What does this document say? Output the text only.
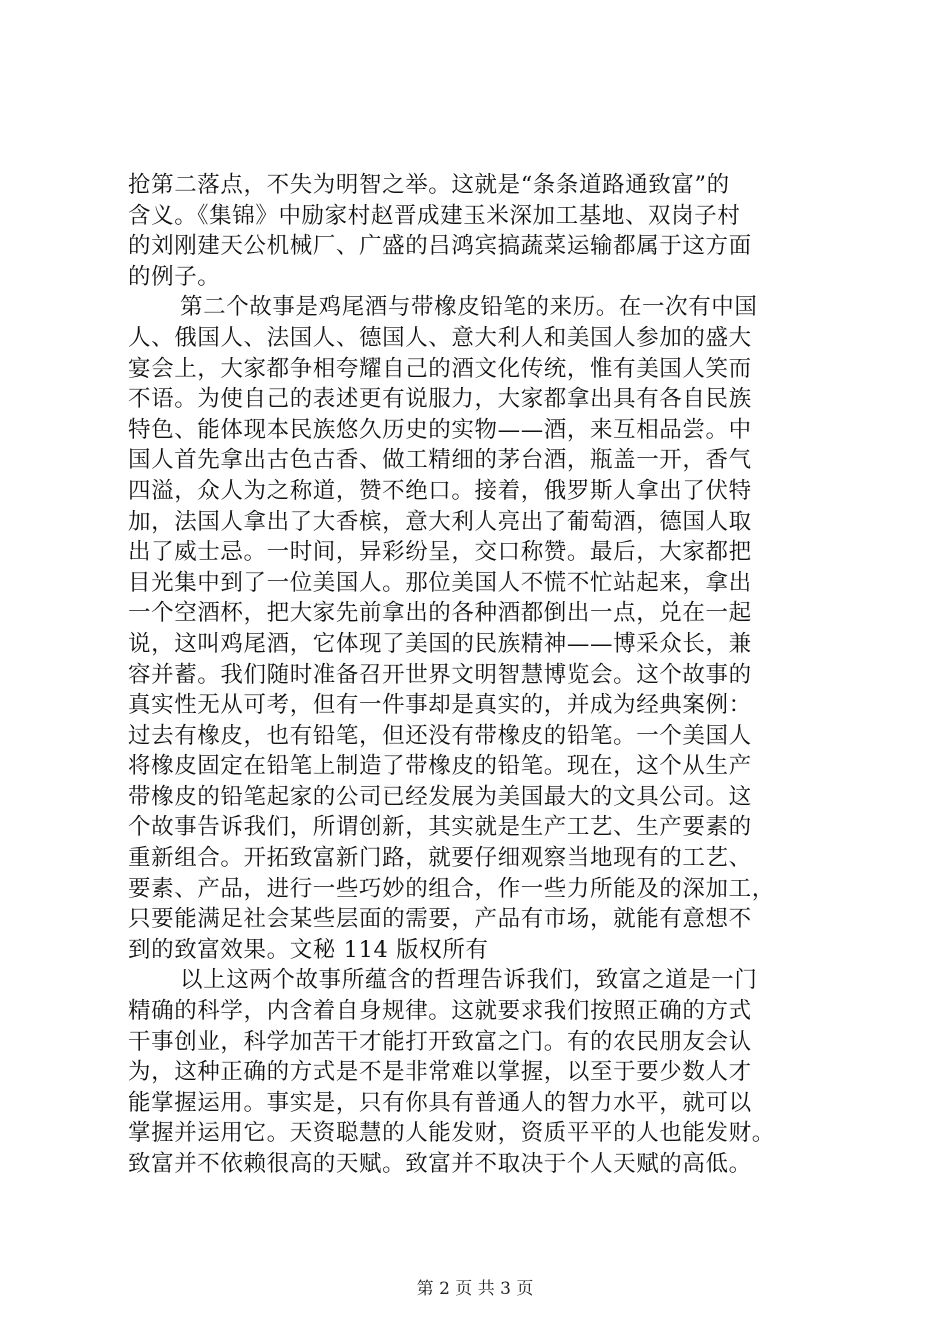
抢第二落点，不失为明智之举。这就是“条条道路通致富”的
含义。《集锦》中励家村赵晋成建玉米深加工基地、双岗子村
的刘刚建天公机械厂、广盛的吕鸿宾搞蔬菜运输都属于这方面
的例子。
第二个故事是鸡尾酒与带橡皮铅笔的来历。在一次有中国
人、俄国人、法国人、德国人、意大利人和美国人参加的盛大
宴会上，大家都争相夸耀自己的酒文化传统，惟有美国人笑而
不语。为使自己的表述更有说服力，大家都拿出具有各自民族
特色、能体现本民族悠久历史的实物——酒，来互相品尝。中
国人首先拿出古色古香、做工精细的茅台酒，瓶盖一开，香气
四溢，众人为之称道，赞不绝口。接着，俄罗斯人拿出了伏特
加，法国人拿出了大香槟，意大利人亮出了葡萄酒，德国人取
出了威士忌。一时间，异彩纷呈，交口称赞。最后，大家都把
目光集中到了一位美国人。那位美国人不慌不忙站起来，拿出
一个空酒杯，把大家先前拿出的各种酒都倒出一点，兑在一起
说，这叫鸡尾酒，它体现了美国的民族精神——博采众长，兼
容并蓄。我们随时准备召开世界文明智慧博览会。这个故事的
真实性无从可考，但有一件事却是真实的，并成为经典案例：
过去有橡皮，也有铅笔，但还没有带橡皮的铅笔。一个美国人
将橡皮固定在铅笔上制造了带橡皮的铅笔。现在，这个从生产
带橡皮的铅笔起家的公司已经发展为美国最大的文具公司。这
个故事告诉我们，所谓创新，其实就是生产工艺、生产要素的
重新组合。开拓致富新门路，就要仔细观察当地现有的工艺、
要素、产品，进行一些巧妙的组合，作一些力所能及的深加工，
只要能满足社会某些层面的需要，产品有市场，就能有意想不
到的致富效果。文秘 114 版权所有
以上这两个故事所蕴含的哲理告诉我们，致富之道是一门
精确的科学，内含着自身规律。这就要求我们按照正确的方式
干事创业，科学加苦干才能打开致富之门。有的农民朋友会认
为，这种正确的方式是不是非常难以掌握，以至于要少数人才
能掌握运用。事实是，只有你具有普通人的智力水平，就可以
掌握并运用它。天资聪慧的人能发财，资质平平的人也能发财。
致富并不依赖很高的天赋。致富并不取决于个人天赋的高低。
第 2 页 共 3 页
